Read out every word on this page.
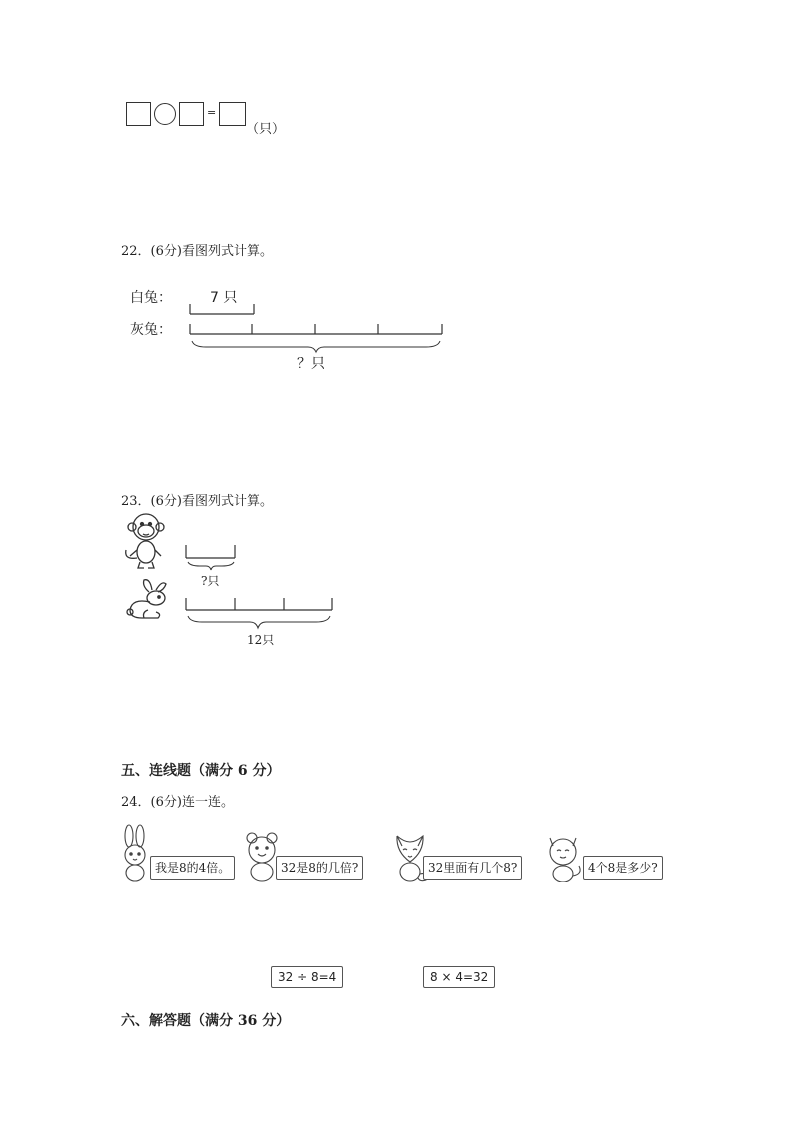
=
（只）
22．(6分)看图列式计算。
白兔：
灰兔：
7 只
？只
23．(6分)看图列式计算。
?只
12只
五、连线题（满分 6 分）
24．(6分)连一连。
我是8的4倍。	32是8的几倍?	32里面有几个8?	4个8是多少?
32 ÷ 8=4	8 × 4=32
六、解答题（满分 36 分）
